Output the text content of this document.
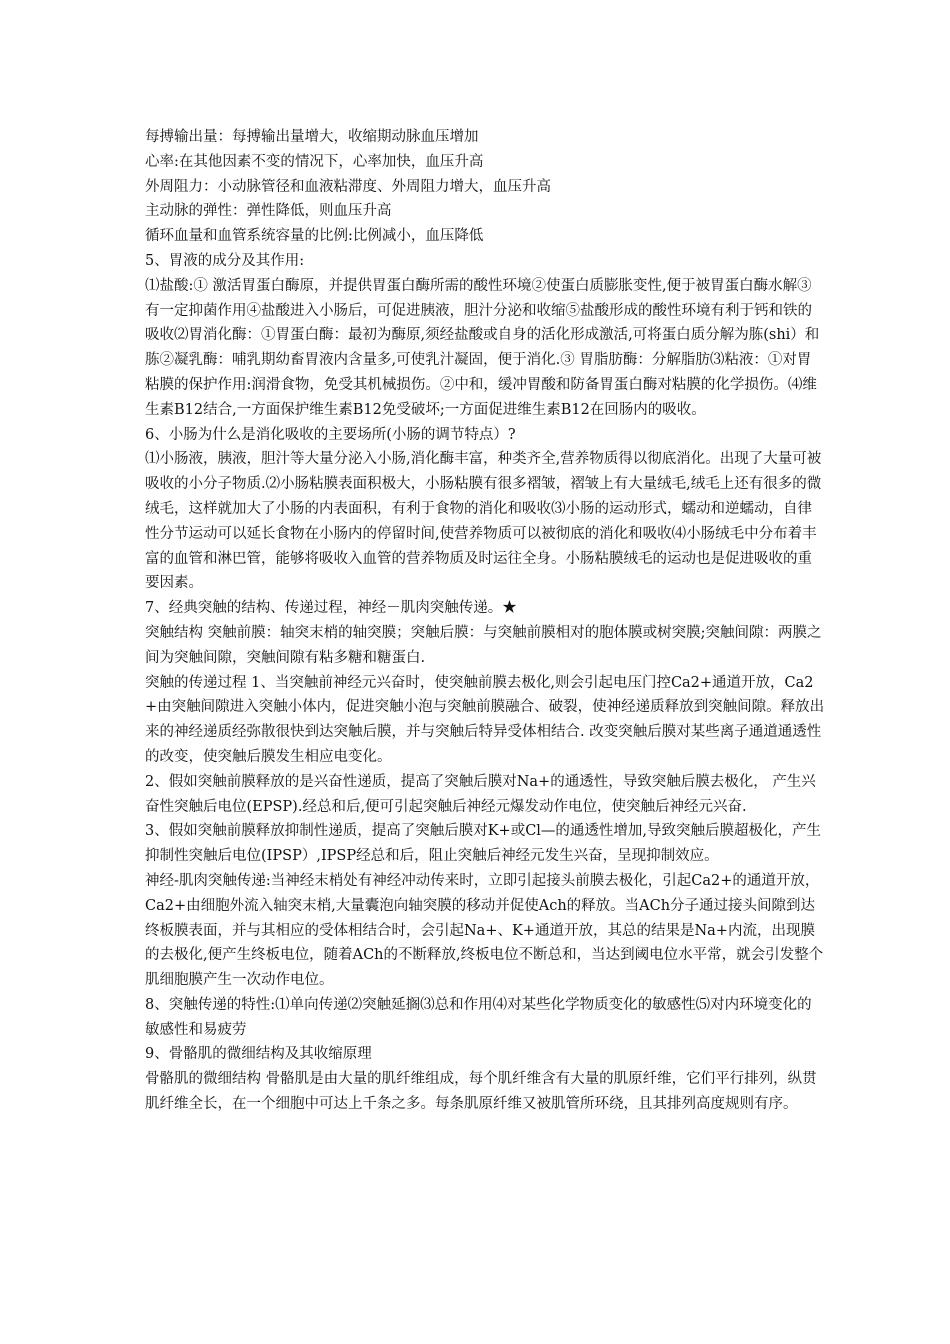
每搏输出量：每搏输出量增大，收缩期动脉血压增加

心率:在其他因素不变的情况下，心率加快，血压升高

外周阻力：小动脉管径和血液粘滞度、外周阻力增大，血压升高

主动脉的弹性：弹性降低，则血压升高

循环血量和血管系统容量的比例:比例减小，血压降低

5、胃液的成分及其作用:

⑴盐酸:① 激活胃蛋白酶原，并提供胃蛋白酶所需的酸性环境②使蛋白质膨胀变性,便于被胃蛋白酶水解③有一定抑菌作用④盐酸进入小肠后，可促进胰液，胆汁分泌和收缩⑤盐酸形成的酸性环境有利于钙和铁的吸收⑵胃消化酶：①胃蛋白酶：最初为酶原,须经盐酸或自身的活化形成激活,可将蛋白质分解为胨(shi）和胨②凝乳酶：哺乳期幼畜胃液内含量多,可使乳汁凝固，便于消化.③ 胃脂肪酶：分解脂肪⑶粘液：①对胃粘膜的保护作用:润滑食物，免受其机械损伤。②中和，缓冲胃酸和防备胃蛋白酶对粘膜的化学损伤。⑷维生素B12结合,一方面保护维生素B12免受破坏;一方面促进维生素B12在回肠内的吸收。

6、小肠为什么是消化吸收的主要场所(小肠的调节特点）?

⑴小肠液，胰液，胆汁等大量分泌入小肠,消化酶丰富，种类齐全,营养物质得以彻底消化。出现了大量可被吸收的小分子物质.⑵小肠粘膜表面积极大，小肠粘膜有很多褶皱，褶皱上有大量绒毛,绒毛上还有很多的微绒毛，这样就加大了小肠的内表面积，有利于食物的消化和吸收⑶小肠的运动形式，蠕动和逆蠕动，自律性分节运动可以延长食物在小肠内的停留时间,使营养物质可以被彻底的消化和吸收⑷小肠绒毛中分布着丰富的血管和淋巴管，能够将吸收入血管的营养物质及时运往全身。小肠粘膜绒毛的运动也是促进吸收的重要因素。

7、经典突触的结构、传递过程，神经－肌肉突触传递。★

突触结构 突触前膜：轴突末梢的轴突膜；突触后膜：与突触前膜相对的胞体膜或树突膜;突触间隙：两膜之间为突触间隙，突触间隙有粘多糖和糖蛋白.

突触的传递过程 1、当突触前神经元兴奋时，使突触前膜去极化,则会引起电压门控Ca2+通道开放，Ca2+由突触间隙进入突触小体内，促进突触小泡与突触前膜融合、破裂，使神经递质释放到突触间隙。释放出来的神经递质经弥散很快到达突触后膜，并与突触后特异受体相结合. 改变突触后膜对某些离子通道通透性的改变，使突触后膜发生相应电变化。

2、假如突触前膜释放的是兴奋性递质，提高了突触后膜对Na+的通透性，导致突触后膜去极化， 产生兴奋性突触后电位(EPSP).经总和后,便可引起突触后神经元爆发动作电位，使突触后神经元兴奋.

3、假如突触前膜释放抑制性递质，提高了突触后膜对K+或Cl—的通透性增加,导致突触后膜超极化，产生抑制性突触后电位(IPSP）,IPSP经总和后，阻止突触后神经元发生兴奋，呈现抑制效应。

神经-肌肉突触传递:当神经末梢处有神经冲动传来时，立即引起接头前膜去极化，引起Ca2+的通道开放，Ca2+由细胞外流入轴突末梢,大量囊泡向轴突膜的移动并促使Ach的释放。当ACh分子通过接头间隙到达终板膜表面，并与其相应的受体相结合时，会引起Na+、K+通道开放，其总的结果是Na+内流，出现膜的去极化,便产生终板电位，随着ACh的不断释放,终板电位不断总和，当达到阈电位水平常，就会引发整个肌细胞膜产生一次动作电位。

8、突触传递的特性:⑴单向传递⑵突触延搁⑶总和作用⑷对某些化学物质变化的敏感性⑸对内环境变化的敏感性和易疲劳

9、骨骼肌的微细结构及其收缩原理

骨骼肌的微细结构 骨骼肌是由大量的肌纤维组成，每个肌纤维含有大量的肌原纤维，它们平行排列，纵贯肌纤维全长，在一个细胞中可达上千条之多。每条肌原纤维又被肌管所环绕，且其排列高度规则有序。
